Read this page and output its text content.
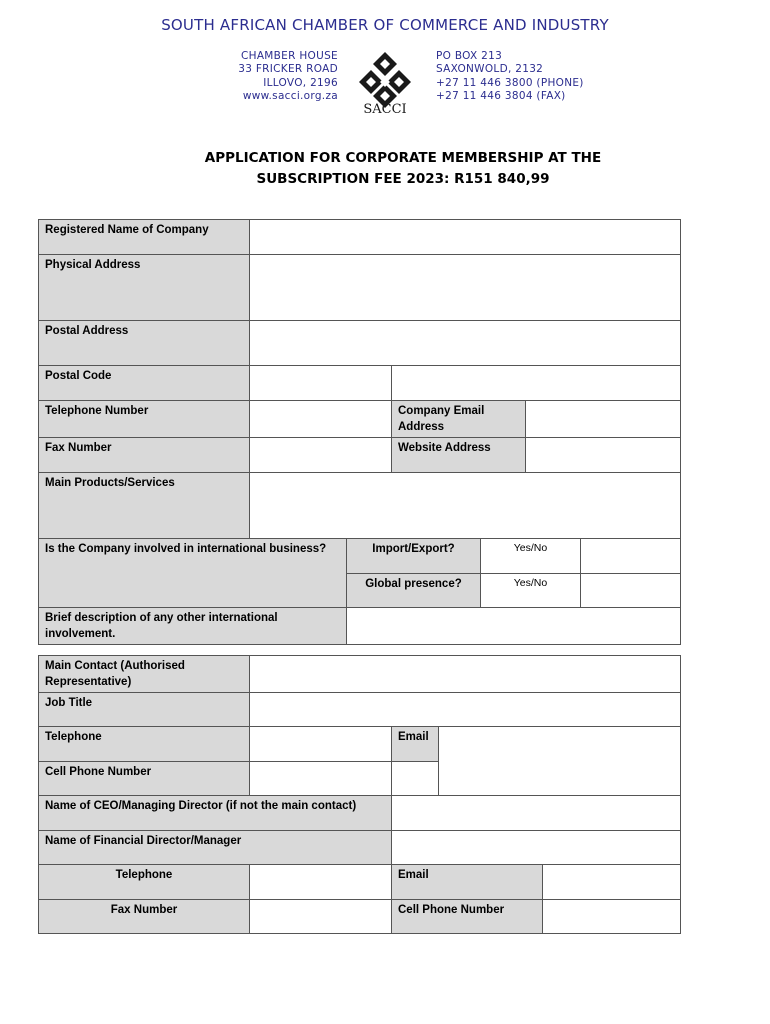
SOUTH AFRICAN CHAMBER OF COMMERCE AND INDUSTRY
CHAMBER HOUSE
33 FRICKER ROAD
ILLOVO, 2196
www.sacci.org.za
SACCI
PO BOX 213
SAXONWOLD, 2132
+27 11 446 3800 (PHONE)
+27 11 446 3804 (FAX)
APPLICATION FOR CORPORATE MEMBERSHIP AT THE
SUBSCRIPTION FEE 2023: R151 840,99
Registered Name of Company						
Physical Address						
Postal Address						
Postal Code						
Telephone Number			Company Email Address			
Fax Number			Website Address			
Main Products/Services						
Is the Company involved in international business?		Import/Export?		Yes/No		
		Global presence?		Yes/No		
Brief description of any other international involvement.						
Main Contact (Authorised Representative)				
Job Title				
Telephone		Email		
Cell Phone Number				
Name of CEO/Managing Director (if not the main contact)				
Name of Financial Director/Manager				
Telephone		Email		
Fax Number		Cell Phone Number		
